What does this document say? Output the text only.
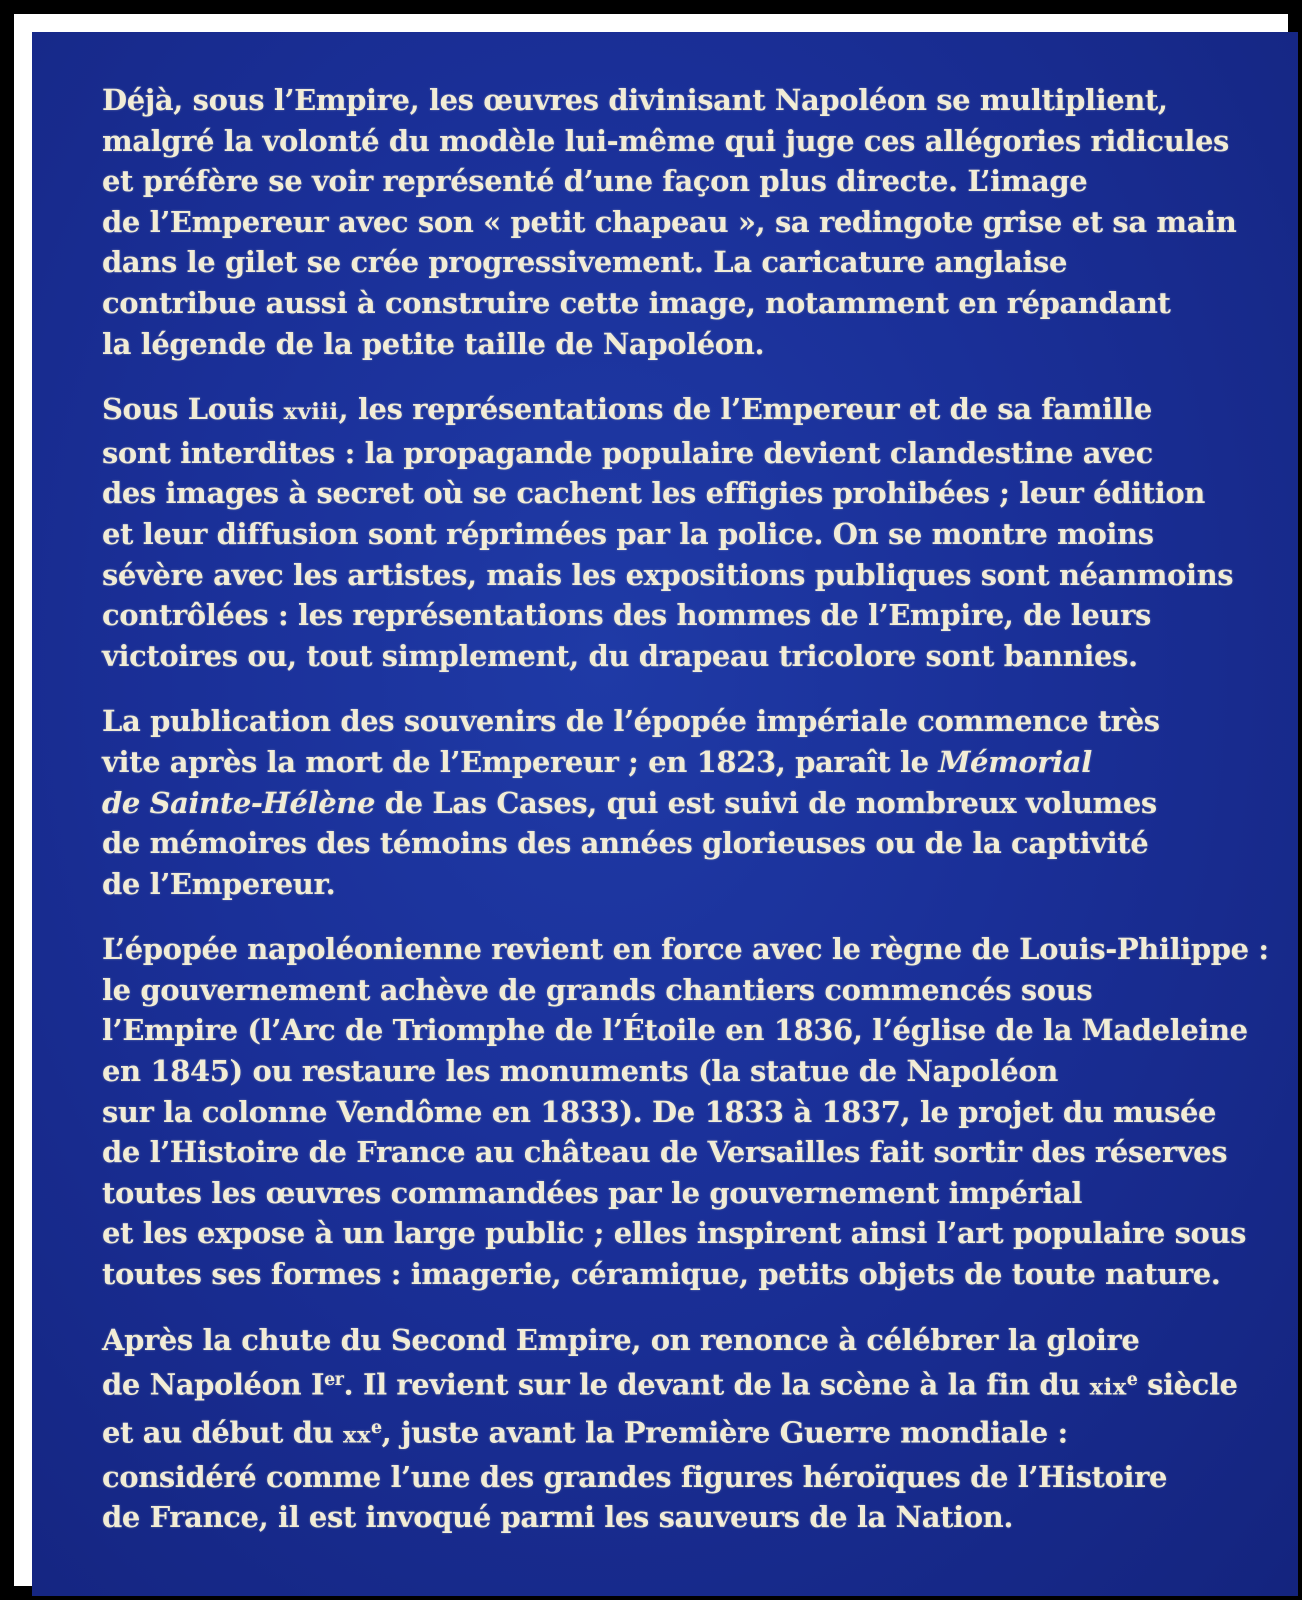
Déjà, sous l’Empire, les œuvres divinisant Napoléon se multiplient,
malgré la volonté du modèle lui-même qui juge ces allégories ridicules
et préfère se voir représenté d’une façon plus directe. L’image
de l’Empereur avec son « petit chapeau », sa redingote grise et sa main
dans le gilet se crée progressivement. La caricature anglaise
contribue aussi à construire cette image, notamment en répandant
la légende de la petite taille de Napoléon.

Sous Louis xviii, les représentations de l’Empereur et de sa famille
sont interdites : la propagande populaire devient clandestine avec
des images à secret où se cachent les effigies prohibées ; leur édition
et leur diffusion sont réprimées par la police. On se montre moins
sévère avec les artistes, mais les expositions publiques sont néanmoins
contrôlées : les représentations des hommes de l’Empire, de leurs
victoires ou, tout simplement, du drapeau tricolore sont bannies.

La publication des souvenirs de l’épopée impériale commence très
vite après la mort de l’Empereur ; en 1823, paraît le Mémorial
de Sainte-Hélène de Las Cases, qui est suivi de nombreux volumes
de mémoires des témoins des années glorieuses ou de la captivité
de l’Empereur.

L’épopée napoléonienne revient en force avec le règne de Louis-Philippe :
le gouvernement achève de grands chantiers commencés sous
l’Empire (l’Arc de Triomphe de l’Étoile en 1836, l’église de la Madeleine
en 1845) ou restaure les monuments (la statue de Napoléon
sur la colonne Vendôme en 1833). De 1833 à 1837, le projet du musée
de l’Histoire de France au château de Versailles fait sortir des réserves
toutes les œuvres commandées par le gouvernement impérial
et les expose à un large public ; elles inspirent ainsi l’art populaire sous
toutes ses formes : imagerie, céramique, petits objets de toute nature.

Après la chute du Second Empire, on renonce à célébrer la gloire
de Napoléon Ier. Il revient sur le devant de la scène à la fin du xix$^e$ siècle
et au début du $xx^e$, juste avant la Première Guerre mondiale :
considéré comme l’une des grandes figures héroïques de l’Histoire
de France, il est invoqué parmi les sauveurs de la Nation.
